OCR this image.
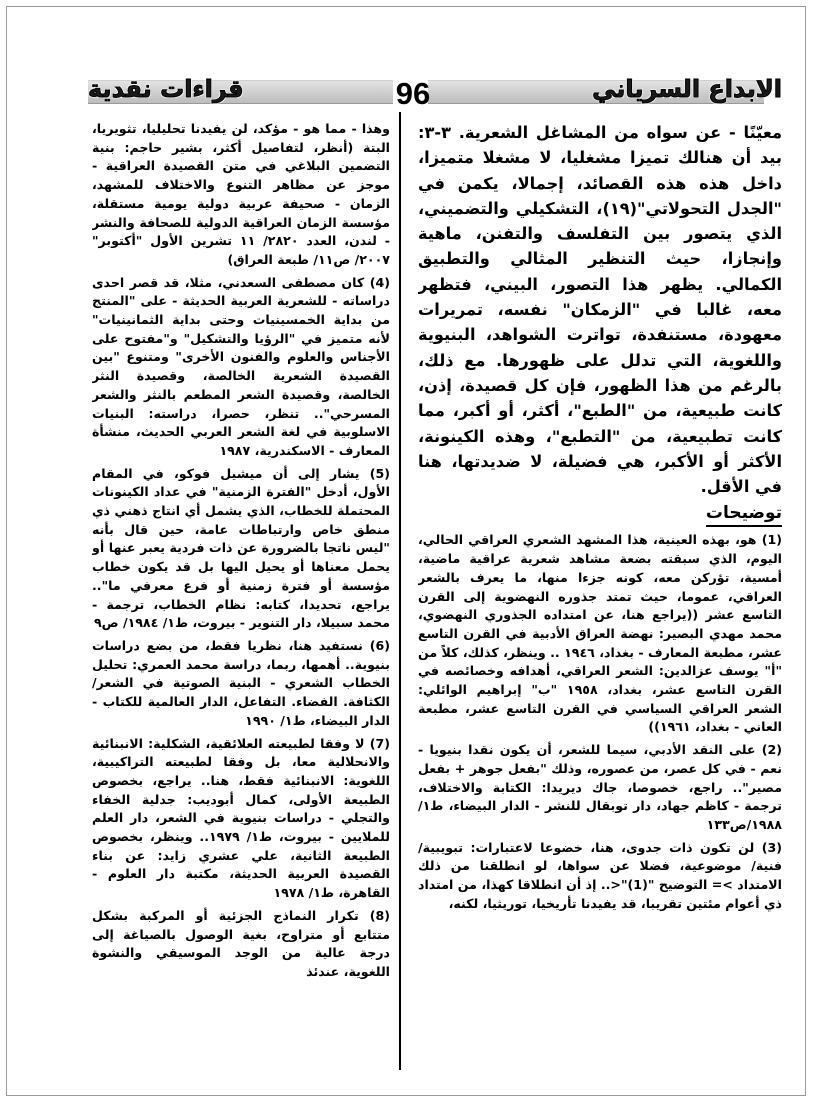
قراءات نقدية	96	الابداع السرياني

معيّنًا - عن سواه من المشاغل الشعرية. ٣-٣: بيد أن هنالك تميزا مشغليا، لا مشغلا متميزا، داخل هذه هذه القصائد، إجمالا، يكمن في "الجدل التحولاتي"(١٩)، التشكيلي والتضميني، الذي يتصور بين التفلسف والتفنن، ماهية وإنجازا، حيث التنظير المثالي والتطبيق الكمالي. يظهر هذا التصور، البيني، فتظهر معه، غالبا في "الزمكان" نفسه، تمريرات معهودة، مستنفدة، تواترت الشواهد، البنيوية واللغوية، التي تدلل على ظهورها. مع ذلك، بالرغم من هذا الظهور، فإن كل قصيدة، إذن، كانت طبيعية، من "الطبع"، أكثر، أو أكبر، مما كانت تطبيعية، من "التطبع"، وهذه الكينونة، الأكثر أو الأكبر، هي فضيلة، لا ضديدتها، هنا في الأقل.

توضيحات

(1) هو، بهذه العينية، هذا المشهد الشعري العراقي الحالي، اليوم، الذي سبقته بضعة مشاهد شعرية عراقية ماضية، أمسية، تؤركن معه، كونه جزءا منها، ما يعرف بالشعر العراقي، عموما، حيث تمتد جذوره النهضوية إلى القرن التاسع عشر ((يراجع هنا، عن امتداده الجذوري النهضوي، محمد مهدي البصير: نهضة العراق الأدبية في القرن التاسع عشر، مطبعة المعارف - بغداد، ١٩٤٦ .. وينظر، كذلك، كلاً من "أ" يوسف عزالدين: الشعر العراقي، أهدافه وخصائصه في القرن التاسع عشر، بغداد، ١٩٥٨ "ب" إبراهيم الوائلي: الشعر العراقي السياسي في القرن التاسع عشر، مطبعة العاني - بغداد، ١٩٦١))

(2) على النقد الأدبي، سيما للشعر، أن يكون نقدا بنيويا - نعم - في كل عصر، من عصوره، وذلك "بفعل جوهر + بفعل مصير".. راجع، خصوصا، جاك ديريدا: الكتابة والاختلاف، ترجمة - كاظم جهاد، دار توبقال للنشر - الدار البيضاء، ط١/ ١٩٨٨/ص١٣٣

(3) لن تكون ذات جدوى، هنا، خضوعا لاعتبارات: تبويبية/ فنية/ موضوعية، فضلا عن سواها، لو انطلقنا من ذلك الامتداد >= التوضيح "(1)"<.. إذ أن انطلاقا كهذا، من امتداد ذي أعوام مئتين تقريبا، قد يفيدنا تأريخيا، توريثيا، لكنه،

وهذا - مما هو - مؤكد، لن يفيدنا تحليليا، تثويريا، البتة (أنظر، لتفاصيل أكثر، بشير حاجم: بنية التضمين البلاغي في متن القصيدة العراقية - موجز عن مظاهر التنوع والاختلاف للمشهد، الزمان - صحيفة عربية دولية يومية مستقلة، مؤسسة الزمان العراقية الدولية للصحافة والنشر - لندن، العدد ٢٨٢٠/ ١١ تشرين الأول "أكتوبر" ٢٠٠٧/ ص١١/ طبعة العراق)

(4) كان مصطفى السعدني، مثلا، قد قصر احدى دراساته - للشعرية العربية الحديثة - على "المنتج من بداية الخمسينيات وحتى بداية الثمانينيات" لأنه متميز في "الرؤيا والتشكيل" و"مفتوح على الأجناس والعلوم والفنون الأخرى" ومتنوع "بين القصيدة الشعرية الخالصة، وقصيدة النثر الخالصة، وقصيدة الشعر المطعم بالنثر والشعر المسرحي".. تنظر، حصرا، دراسته: البنيات الاسلوبية في لغة الشعر العربي الحديث، منشأة المعارف - الاسكندرية، ١٩٨٧

(5) يشار إلى أن ميشيل فوكو، في المقام الأول، أدخل "الفترة الزمنية" في عداد الكينونات المحتملة للخطاب، الذي يشمل أي انتاج ذهني ذي منطق خاص وارتباطات عامة، حين قال بأنه "ليس ناتجا بالضرورة عن ذات فردية يعبر عنها أو يحمل معناها أو يحيل اليها بل قد يكون خطاب مؤسسة أو فترة زمنية أو فرع معرفي ما".. يراجع، تحديدا، كتابه: نظام الخطاب، ترجمة - محمد سبيلا، دار التنوير - بيروت، ط١/ ١٩٨٤/ ص٩

(6) نستفيد هنا، نظريا فقط، من بضع دراسات بنيوية.. أهمها، ربما، دراسة محمد العمري: تحليل الخطاب الشعري - البنية الصوتية في الشعر/ الكثافة. الفضاء. التفاعل، الدار العالمية للكتاب - الدار البيضاء، ط١/ ١٩٩٠

(7) لا وفقا لطبيعته العلائقية، الشكلية: الانبنائية والانحلالية معا، بل وفقا لطبيعته التراكيبية، اللغوية: الانبنائية فقط، هنا.. يراجع، بخصوص الطبيعة الأولى، كمال أبوديب: جدلية الخفاء والتجلي - دراسات بنيوية في الشعر، دار العلم للملايين - بيروت، ط١/ ١٩٧٩.. وينظر، بخصوص الطبيعة الثانية، علي عشري زايد: عن بناء القصيدة العربية الحديثة، مكتبة دار العلوم - القاهرة، ط١/ ١٩٧٨

(8) تكرار النماذج الجزئية أو المركبة بشكل متتابع أو متراوح، بغية الوصول بالصياغة إلى درجة عالية من الوجد الموسيقي والنشوة اللغوية، عندئذ
